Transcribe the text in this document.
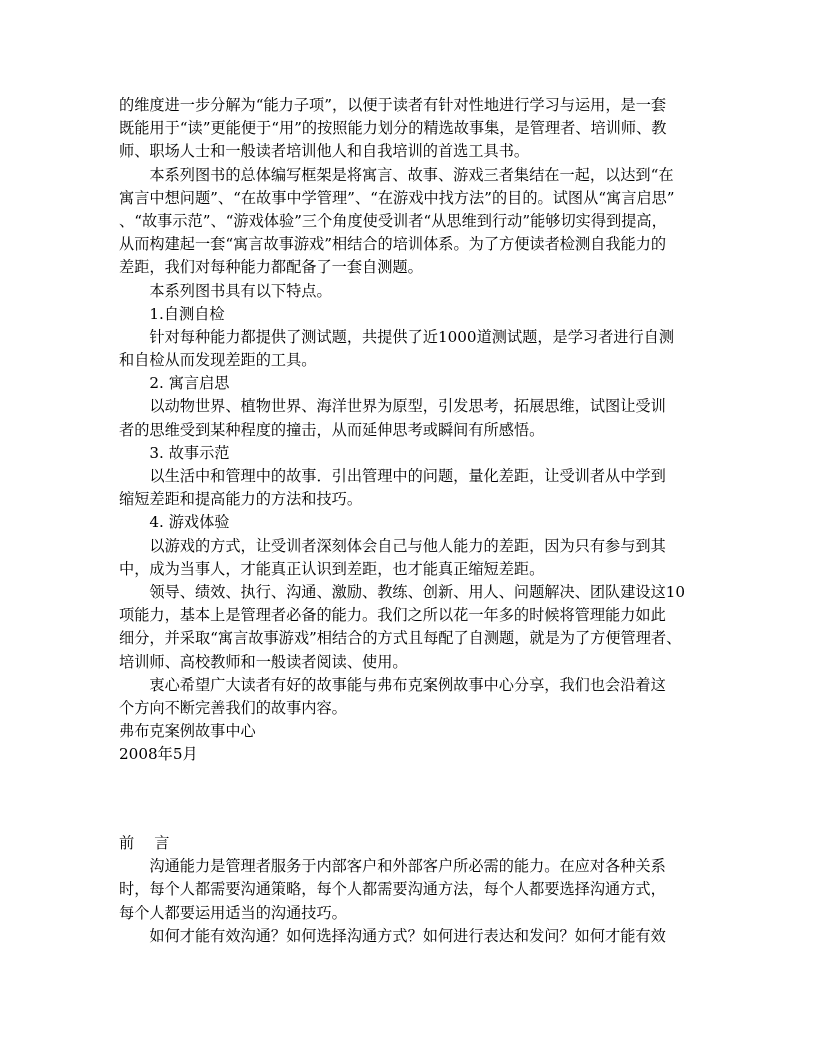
的维度进一步分解为“能力子项”，以便于读者有针对性地进行学习与运用，是一套
既能用于“读”更能便于“用”的按照能力划分的精选故事集，是管理者、培训师、教
师、职场人士和一般读者培训他人和自我培训的首选工具书。
　　本系列图书的总体编写框架是将寓言、故事、游戏三者集结在一起，以达到“在
寓言中想问题”、“在故事中学管理”、“在游戏中找方法”的目的。试图从“寓言启思”
、“故事示范”、“游戏体验”三个角度使受训者“从思维到行动”能够切实得到提高，
从而构建起一套“寓言故事游戏”相结合的培训体系。为了方便读者检测自我能力的
差距，我们对每种能力都配备了一套自测题。
　　本系列图书具有以下特点。
　　1.自测自检
　　针对每种能力都提供了测试题，共提供了近1000道测试题，是学习者进行自测
和自检从而发现差距的工具。
　　2. 寓言启思
　　以动物世界、植物世界、海洋世界为原型，引发思考，拓展思维，试图让受训
者的思维受到某种程度的撞击，从而延伸思考或瞬间有所感悟。
　　3. 故事示范
　　以生活中和管理中的故事．引出管理中的问题，量化差距，让受训者从中学到
缩短差距和提高能力的方法和技巧。
　　4. 游戏体验
　　以游戏的方式，让受训者深刻体会自己与他人能力的差距，因为只有参与到其
中，成为当事人，才能真正认识到差距，也才能真正缩短差距。
　　领导、绩效、执行、沟通、激励、教练、创新、用人、问题解决、团队建设这10
项能力，基本上是管理者必备的能力。我们之所以花一年多的时候将管理能力如此
细分，并采取“寓言故事游戏”相结合的方式且每配了自测题，就是为了方便管理者、
培训师、高校教师和一般读者阅读、使用。
　　衷心希望广大读者有好的故事能与弗布克案例故事中心分享，我们也会沿着这
个方向不断完善我们的故事内容。
弗布克案例故事中心
2008年5月
前　 言
　　沟通能力是管理者服务于内部客户和外部客户所必需的能力。在应对各种关系
时，每个人都需要沟通策略，每个人都需要沟通方法，每个人都要选择沟通方式，
每个人都要运用适当的沟通技巧。
　　如何才能有效沟通？如何选择沟通方式？如何进行表达和发问？如何才能有效
